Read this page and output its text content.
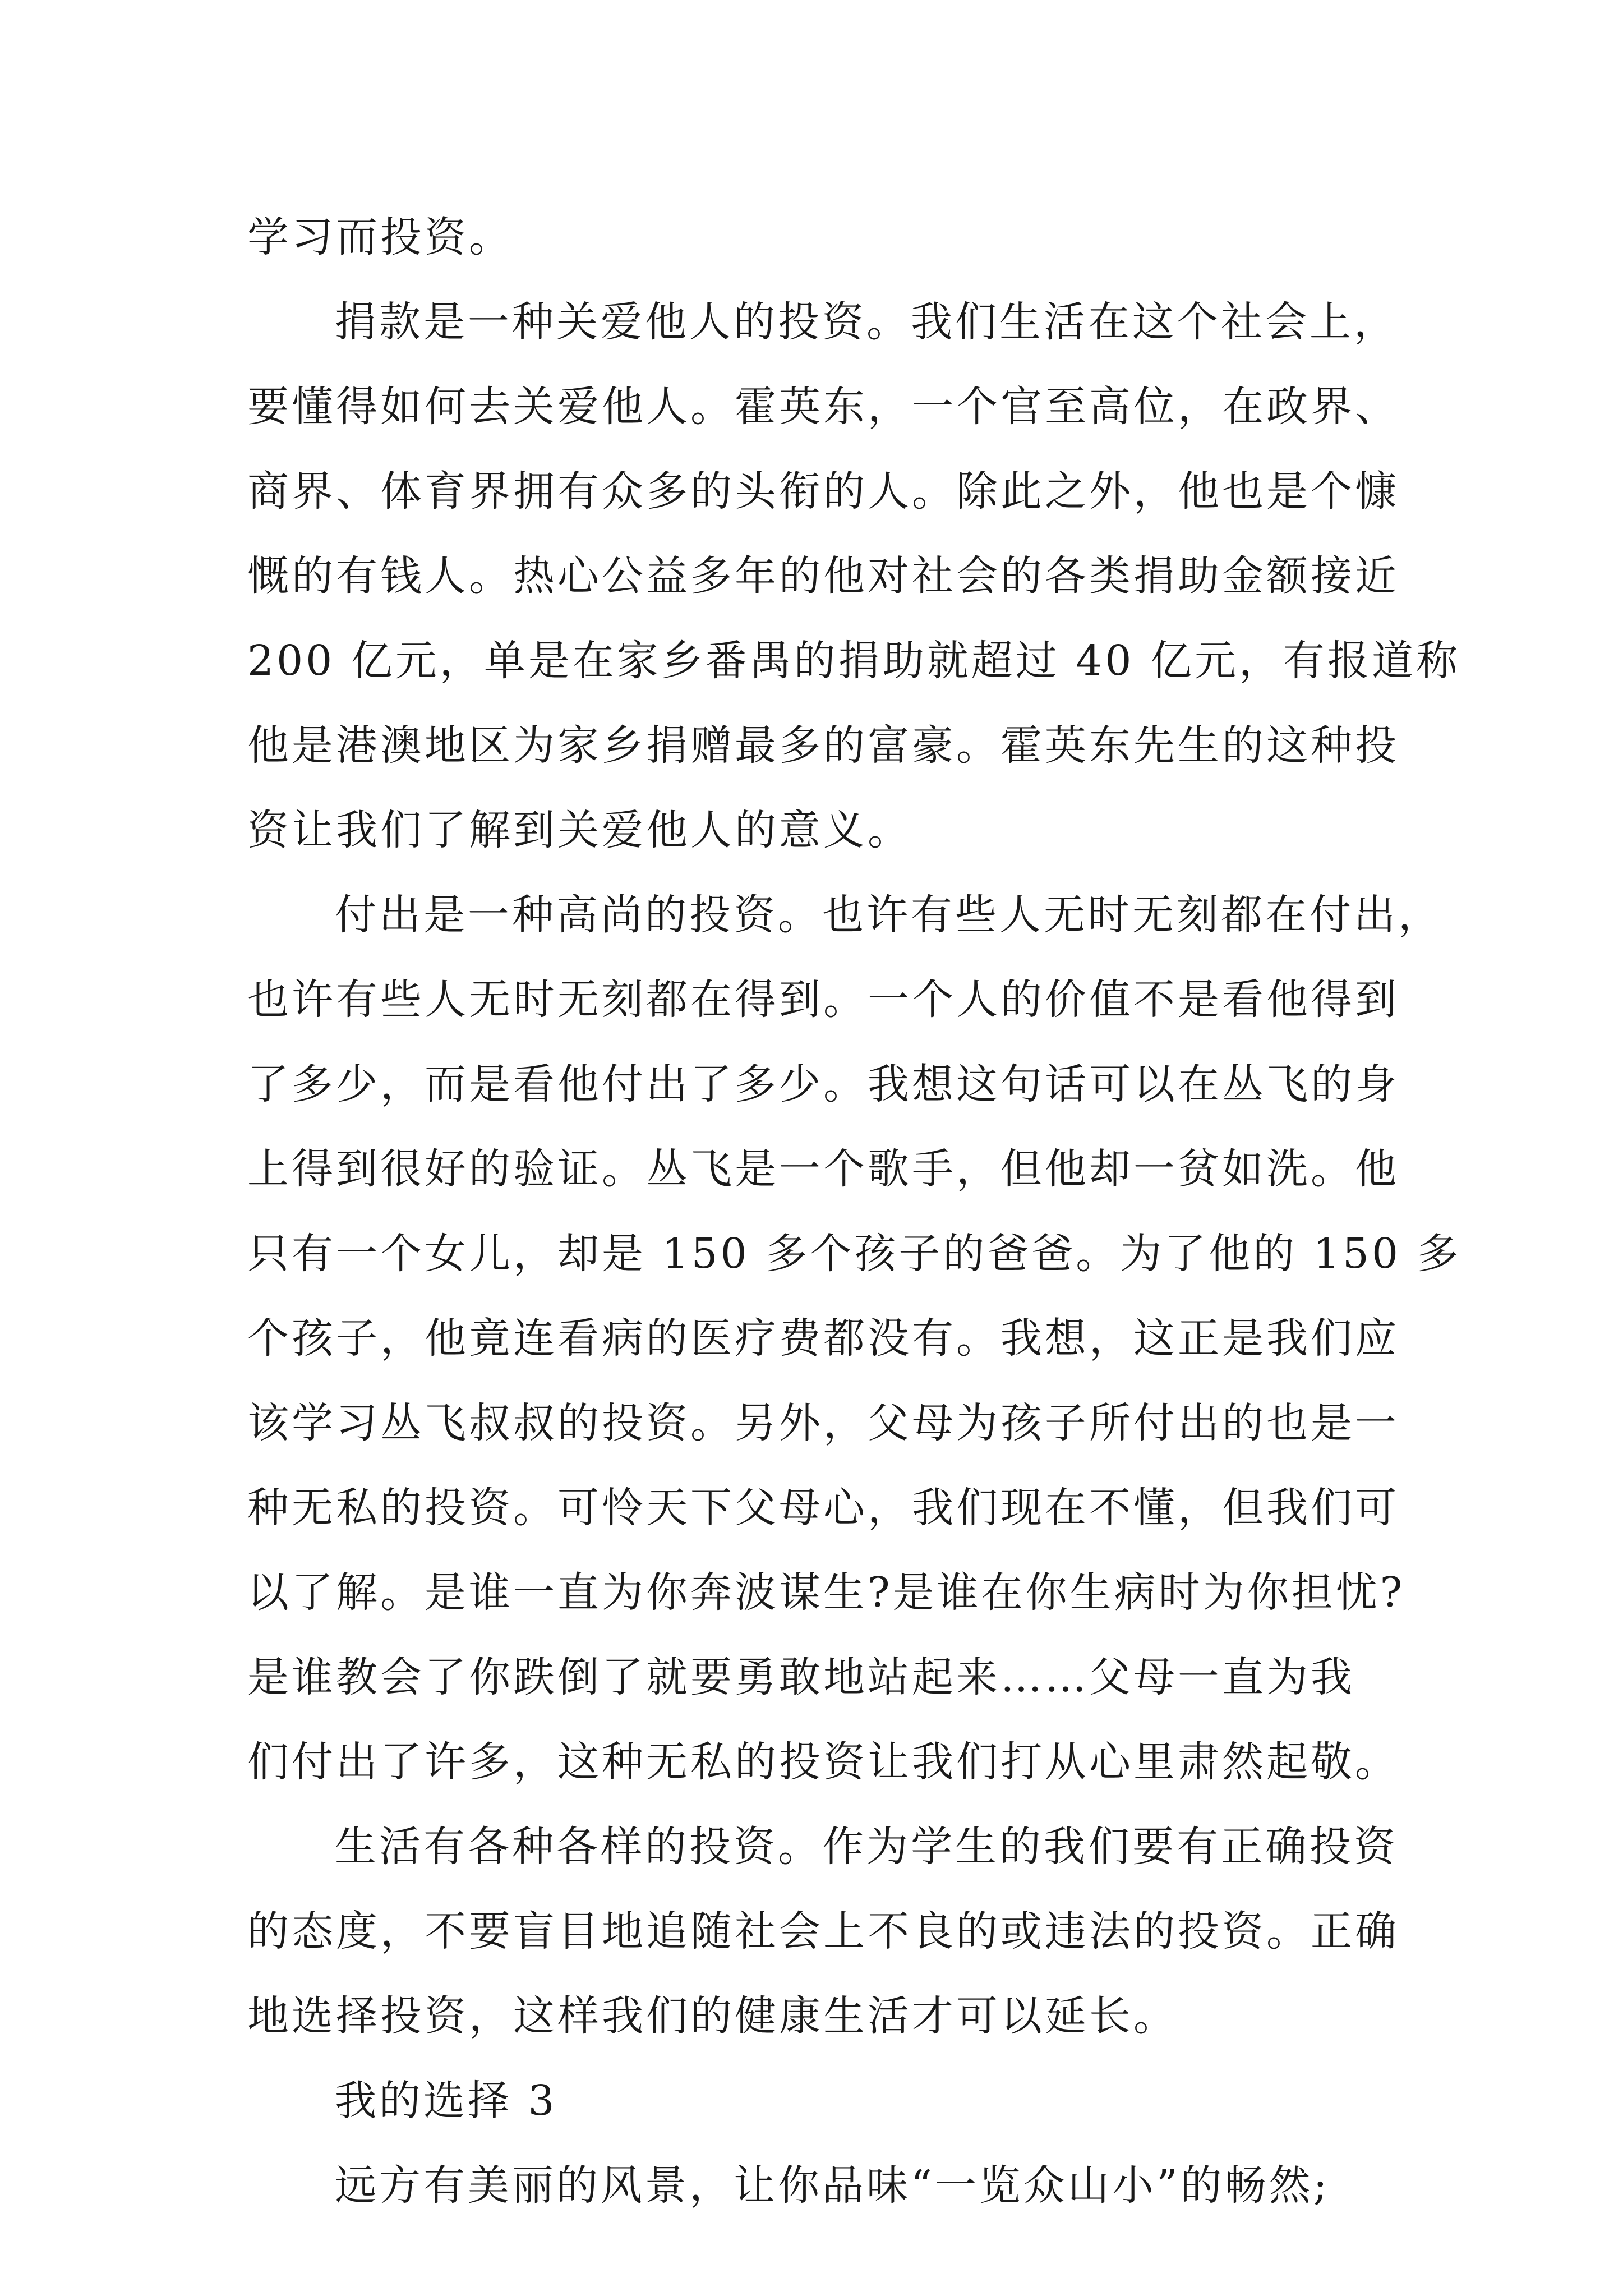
学习而投资。
捐款是一种关爱他人的投资。我们生活在这个社会上，
要懂得如何去关爱他人。霍英东，一个官至高位，在政界、
商界、体育界拥有众多的头衔的人。除此之外，他也是个慷
慨的有钱人。热心公益多年的他对社会的各类捐助金额接近
200 亿元，单是在家乡番禺的捐助就超过 40 亿元，有报道称
他是港澳地区为家乡捐赠最多的富豪。霍英东先生的这种投
资让我们了解到关爱他人的意义。
付出是一种高尚的投资。也许有些人无时无刻都在付出，
也许有些人无时无刻都在得到。一个人的价值不是看他得到
了多少，而是看他付出了多少。我想这句话可以在丛飞的身
上得到很好的验证。丛飞是一个歌手，但他却一贫如洗。他
只有一个女儿，却是 150 多个孩子的爸爸。为了他的 150 多
个孩子，他竟连看病的医疗费都没有。我想，这正是我们应
该学习丛飞叔叔的投资。另外，父母为孩子所付出的也是一
种无私的投资。可怜天下父母心，我们现在不懂，但我们可
以了解。是谁一直为你奔波谋生?是谁在你生病时为你担忧?
是谁教会了你跌倒了就要勇敢地站起来……父母一直为我
们付出了许多，这种无私的投资让我们打从心里肃然起敬。
生活有各种各样的投资。作为学生的我们要有正确投资
的态度，不要盲目地追随社会上不良的或违法的投资。正确
地选择投资，这样我们的健康生活才可以延长。
我的选择 3
远方有美丽的风景，让你品味“一览众山小”的畅然;
